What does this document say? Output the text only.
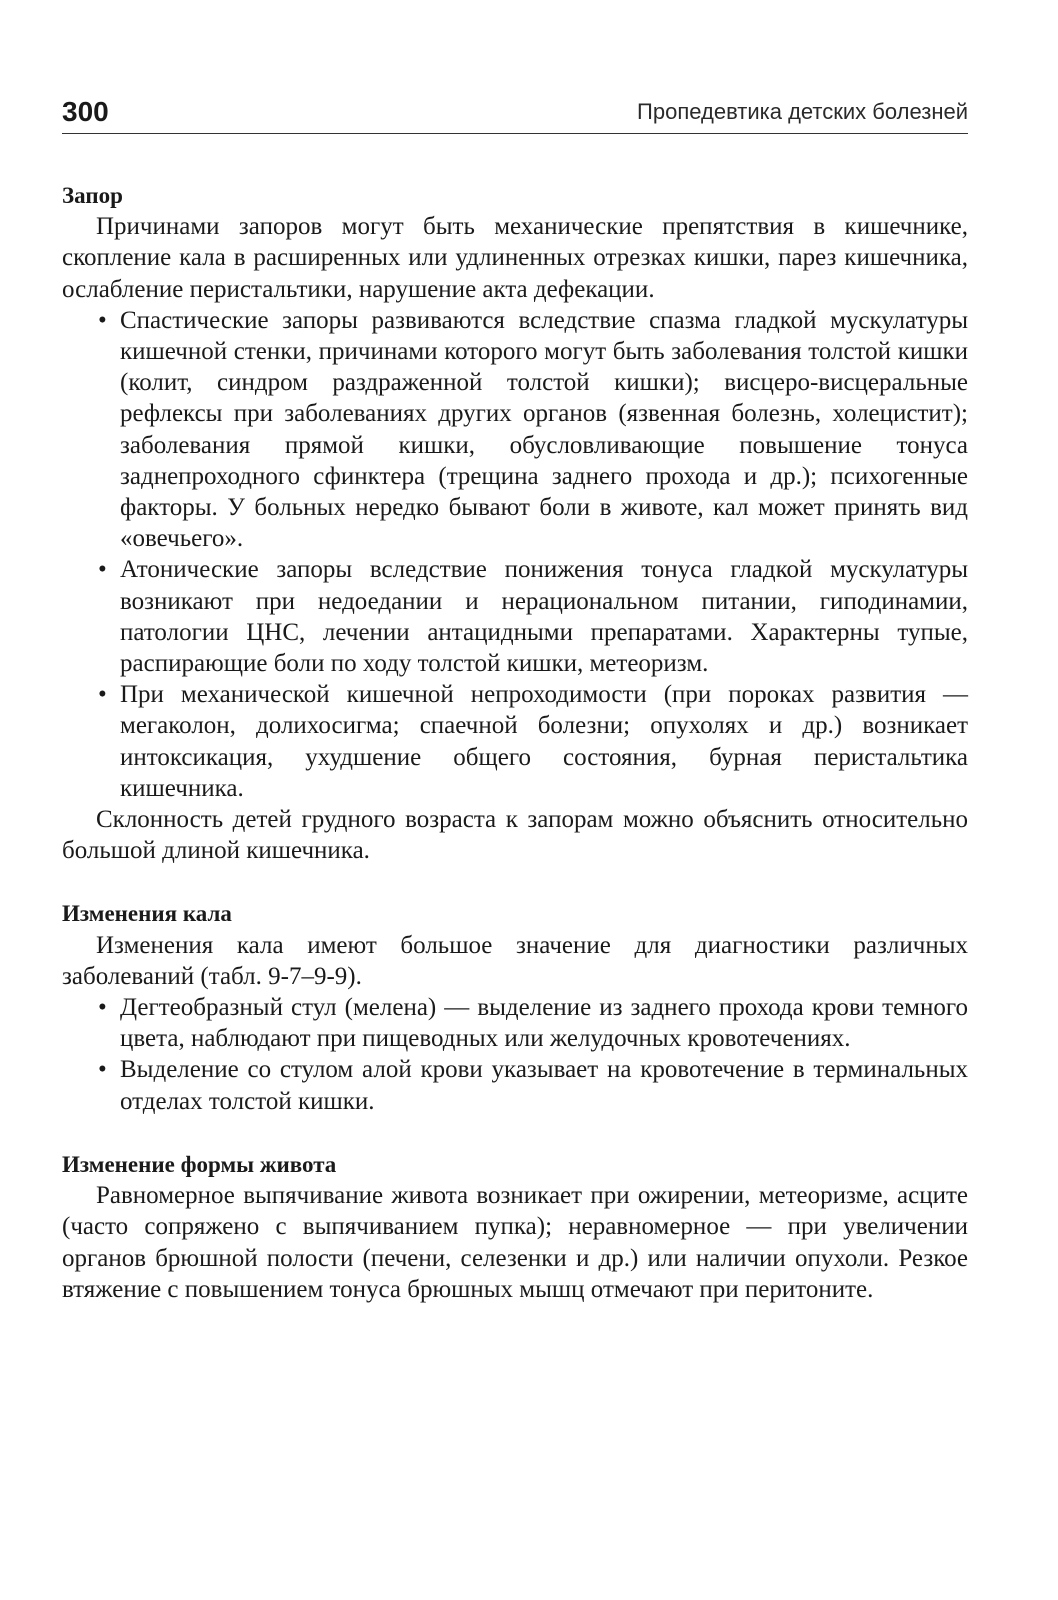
300	Пропедевтика детских болезней
Запор

Причинами запоров могут быть механические препятствия в кишечнике, скопление кала в расширенных или удлиненных отрезках кишки, парез кишечника, ослабление перистальтики, нарушение акта дефекации.

• Спастические запоры развиваются вследствие спазма гладкой мускулатуры кишечной стенки, причинами которого могут быть заболевания толстой кишки (колит, синдром раздраженной толстой кишки); висцеро-висцеральные рефлексы при заболеваниях других органов (язвенная болезнь, холецистит); заболевания прямой кишки, обусловливающие повышение тонуса заднепроходного сфинктера (трещина заднего прохода и др.); психогенные факторы. У больных нередко бывают боли в животе, кал может принять вид «овечьего».
• Атонические запоры вследствие понижения тонуса гладкой мускулатуры возникают при недоедании и нерациональном питании, гиподинамии, патологии ЦНС, лечении антацидными препаратами. Характерны тупые, распирающие боли по ходу толстой кишки, метеоризм.
• При механической кишечной непроходимости (при пороках развития — мегаколон, долихосигма; спаечной болезни; опухолях и др.) возникает интоксикация, ухудшение общего состояния, бурная перистальтика кишечника.

Склонность детей грудного возраста к запорам можно объяснить относительно большой длиной кишечника.

Изменения кала

Изменения кала имеют большое значение для диагностики различных заболеваний (табл. 9-7–9-9).

• Дегтеобразный стул (мелена) — выделение из заднего прохода крови темного цвета, наблюдают при пищеводных или желудочных кровотечениях.
• Выделение со стулом алой крови указывает на кровотечение в терминальных отделах толстой кишки.
Изменение формы живота

Равномерное выпячивание живота возникает при ожирении, метеоризме, асците (часто сопряжено с выпячиванием пупка); неравномерное — при увеличении органов брюшной полости (печени, селезенки и др.) или наличии опухоли. Резкое втяжение с повышением тонуса брюшных мышц отмечают при перитоните.
